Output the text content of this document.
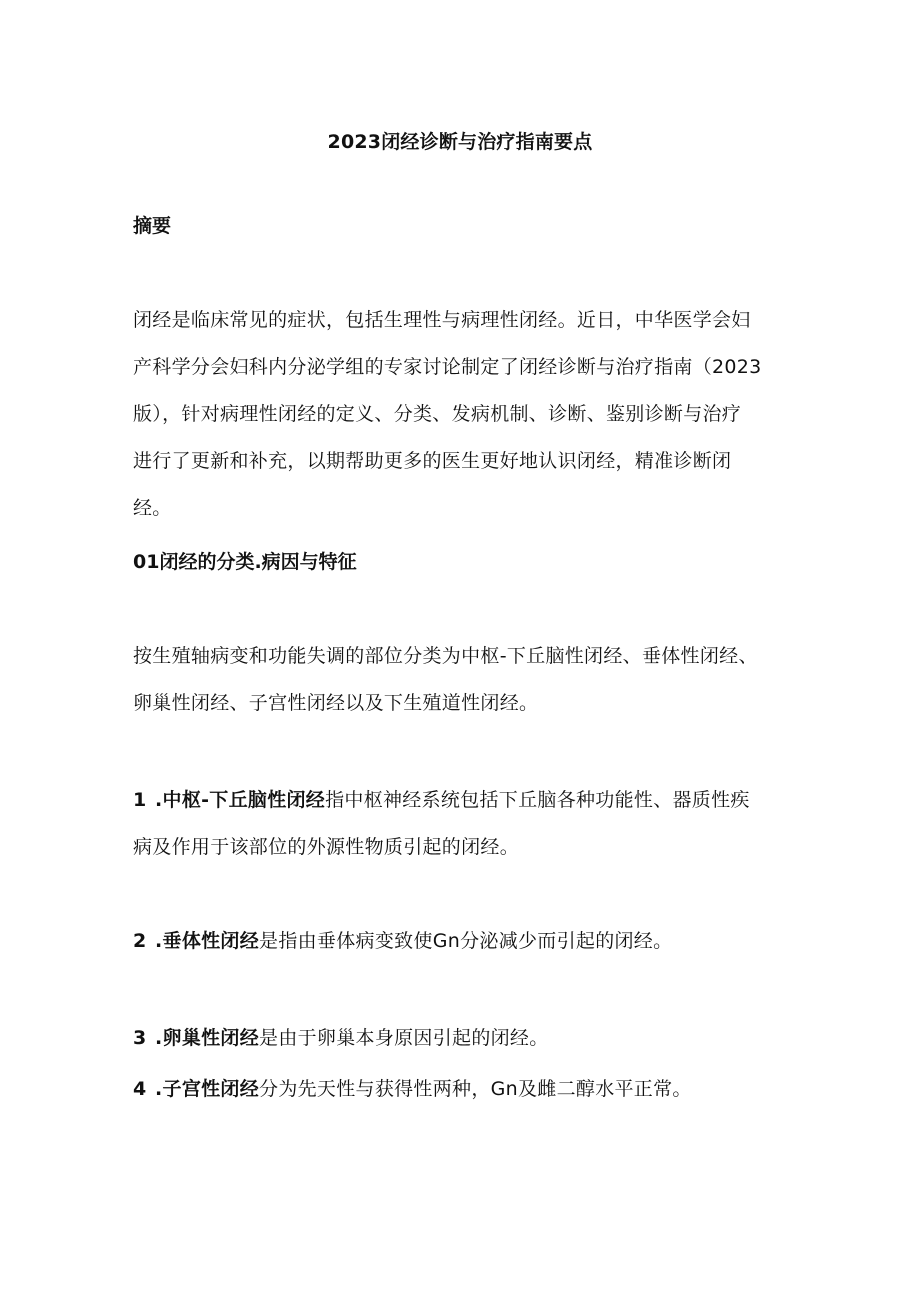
2023闭经诊断与治疗指南要点
摘要
闭经是临床常见的症状，包括生理性与病理性闭经。近日，中华医学会妇
产科学分会妇科内分泌学组的专家讨论制定了闭经诊断与治疗指南（2023
版），针对病理性闭经的定义、分类、发病机制、诊断、鉴别诊断与治疗
进行了更新和补充，以期帮助更多的医生更好地认识闭经，精准诊断闭
经。
01闭经的分类.病因与特征
按生殖轴病变和功能失调的部位分类为中枢-下丘脑性闭经、垂体性闭经、
卵巢性闭经、子宫性闭经以及下生殖道性闭经。
1 .中枢-下丘脑性闭经指中枢神经系统包括下丘脑各种功能性、器质性疾
病及作用于该部位的外源性物质引起的闭经。
2 .垂体性闭经是指由垂体病变致使Gn分泌减少而引起的闭经。
3 .卵巢性闭经是由于卵巢本身原因引起的闭经。
4 .子宫性闭经分为先天性与获得性两种，Gn及雌二醇水平正常。
